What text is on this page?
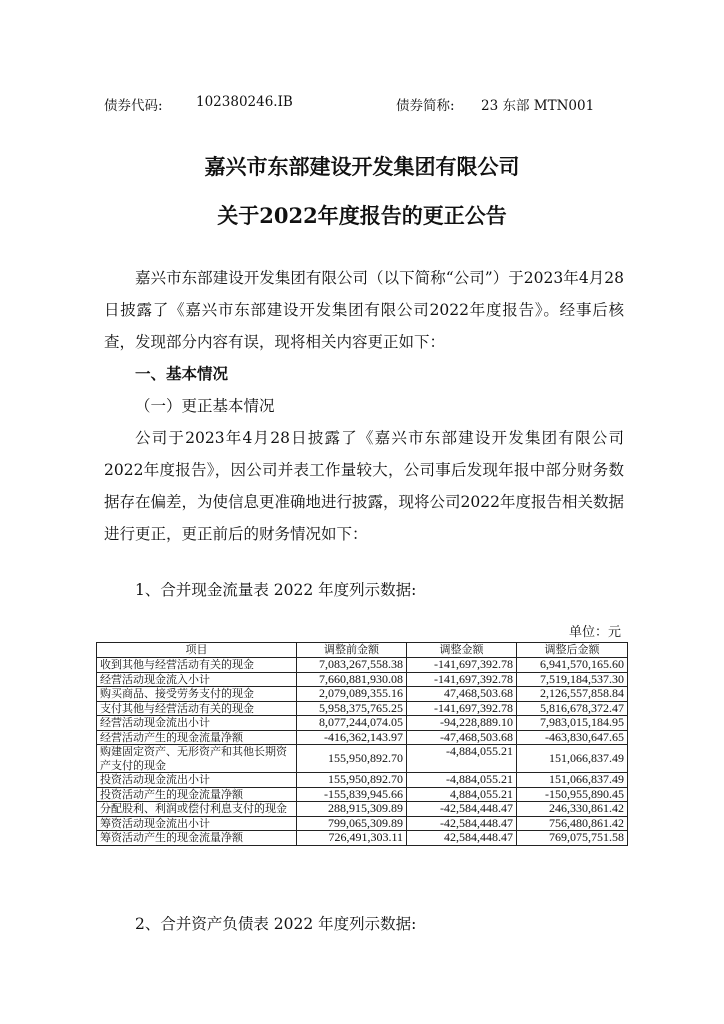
债券代码: 102380246.IB	债券简称: 23 东部 MTN001
嘉兴市东部建设开发集团有限公司
关于2022年度报告的更正公告

嘉兴市东部建设开发集团有限公司（以下简称“公司”）于2023年4月28日披露了《嘉兴市东部建设开发集团有限公司2022年度报告》。经事后核查，发现部分内容有误，现将相关内容更正如下：

一、基本情况

（一）更正基本情况

公司于2023年4月28日披露了《嘉兴市东部建设开发集团有限公司2022年度报告》，因公司并表工作量较大，公司事后发现年报中部分财务数据存在偏差，为使信息更准确地进行披露，现将公司2022年度报告相关数据进行更正，更正前后的财务情况如下：

1、合并现金流量表 2022 年度列示数据:
单位：元
项目	调整前金额	调整金额	调整后金额
收到其他与经营活动有关的现金	7,083,267,558.38	-141,697,392.78	6,941,570,165.60
经营活动现金流入小计	7,660,881,930.08	-141,697,392.78	7,519,184,537.30
购买商品、接受劳务支付的现金	2,079,089,355.16	47,468,503.68	2,126,557,858.84
支付其他与经营活动有关的现金	5,958,375,765.25	-141,697,392.78	5,816,678,372.47
经营活动现金流出小计	8,077,244,074.05	-94,228,889.10	7,983,015,184.95
经营活动产生的现金流量净额	-416,362,143.97	-47,468,503.68	-463,830,647.65
购建固定资产、无形资产和其他长期资产支付的现金	155,950,892.70	-4,884,055.21	151,066,837.49
投资活动现金流出小计	155,950,892.70	-4,884,055.21	151,066,837.49
投资活动产生的现金流量净额	-155,839,945.66	4,884,055.21	-150,955,890.45
分配股利、利润或偿付利息支付的现金	288,915,309.89	-42,584,448.47	246,330,861.42
筹资活动现金流出小计	799,065,309.89	-42,584,448.47	756,480,861.42
筹资活动产生的现金流量净额	726,491,303.11	42,584,448.47	769,075,751.58
2、合并资产负债表 2022 年度列示数据:
